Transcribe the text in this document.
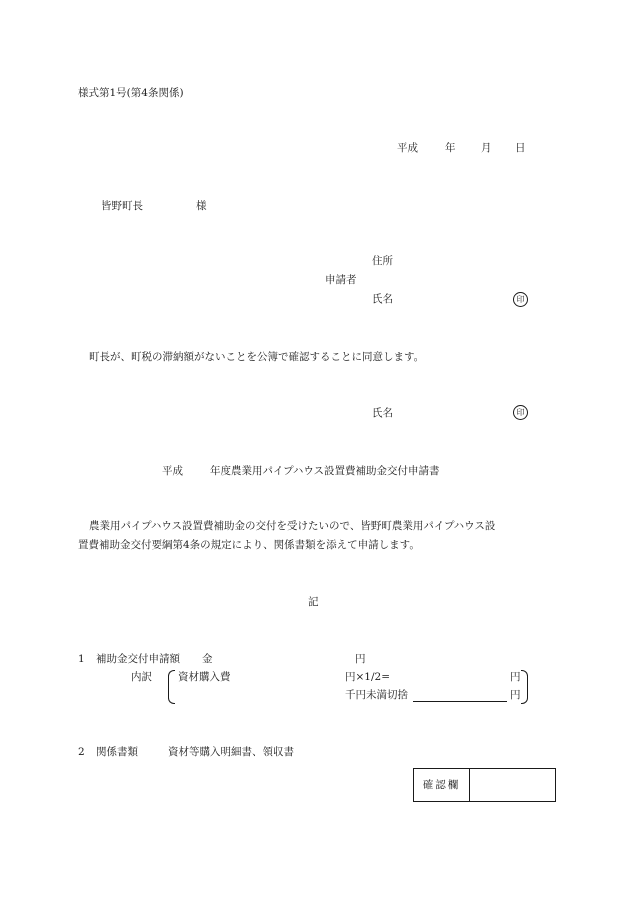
様式第1号(第4条関係)
平成	年 月 日
皆野町長	様
住所
申請者
氏名	印
町長が、町税の滞納額がないことを公簿で確認することに同意します。
氏名	印
平成	年度農業用パイプハウス設置費補助金交付申請書
農業用パイプハウス設置費補助金の交付を受けたいので、皆野町農業用パイプハウス設
置費補助金交付要綱第4条の規定により、関係書類を添えて申請します。
記
1 補助金交付申請額 金	円
内訳 資材購入費	円×1/2=	円
千円未満切捨	円
2 関係書類	資材等購入明細書、領収書
確認欄
